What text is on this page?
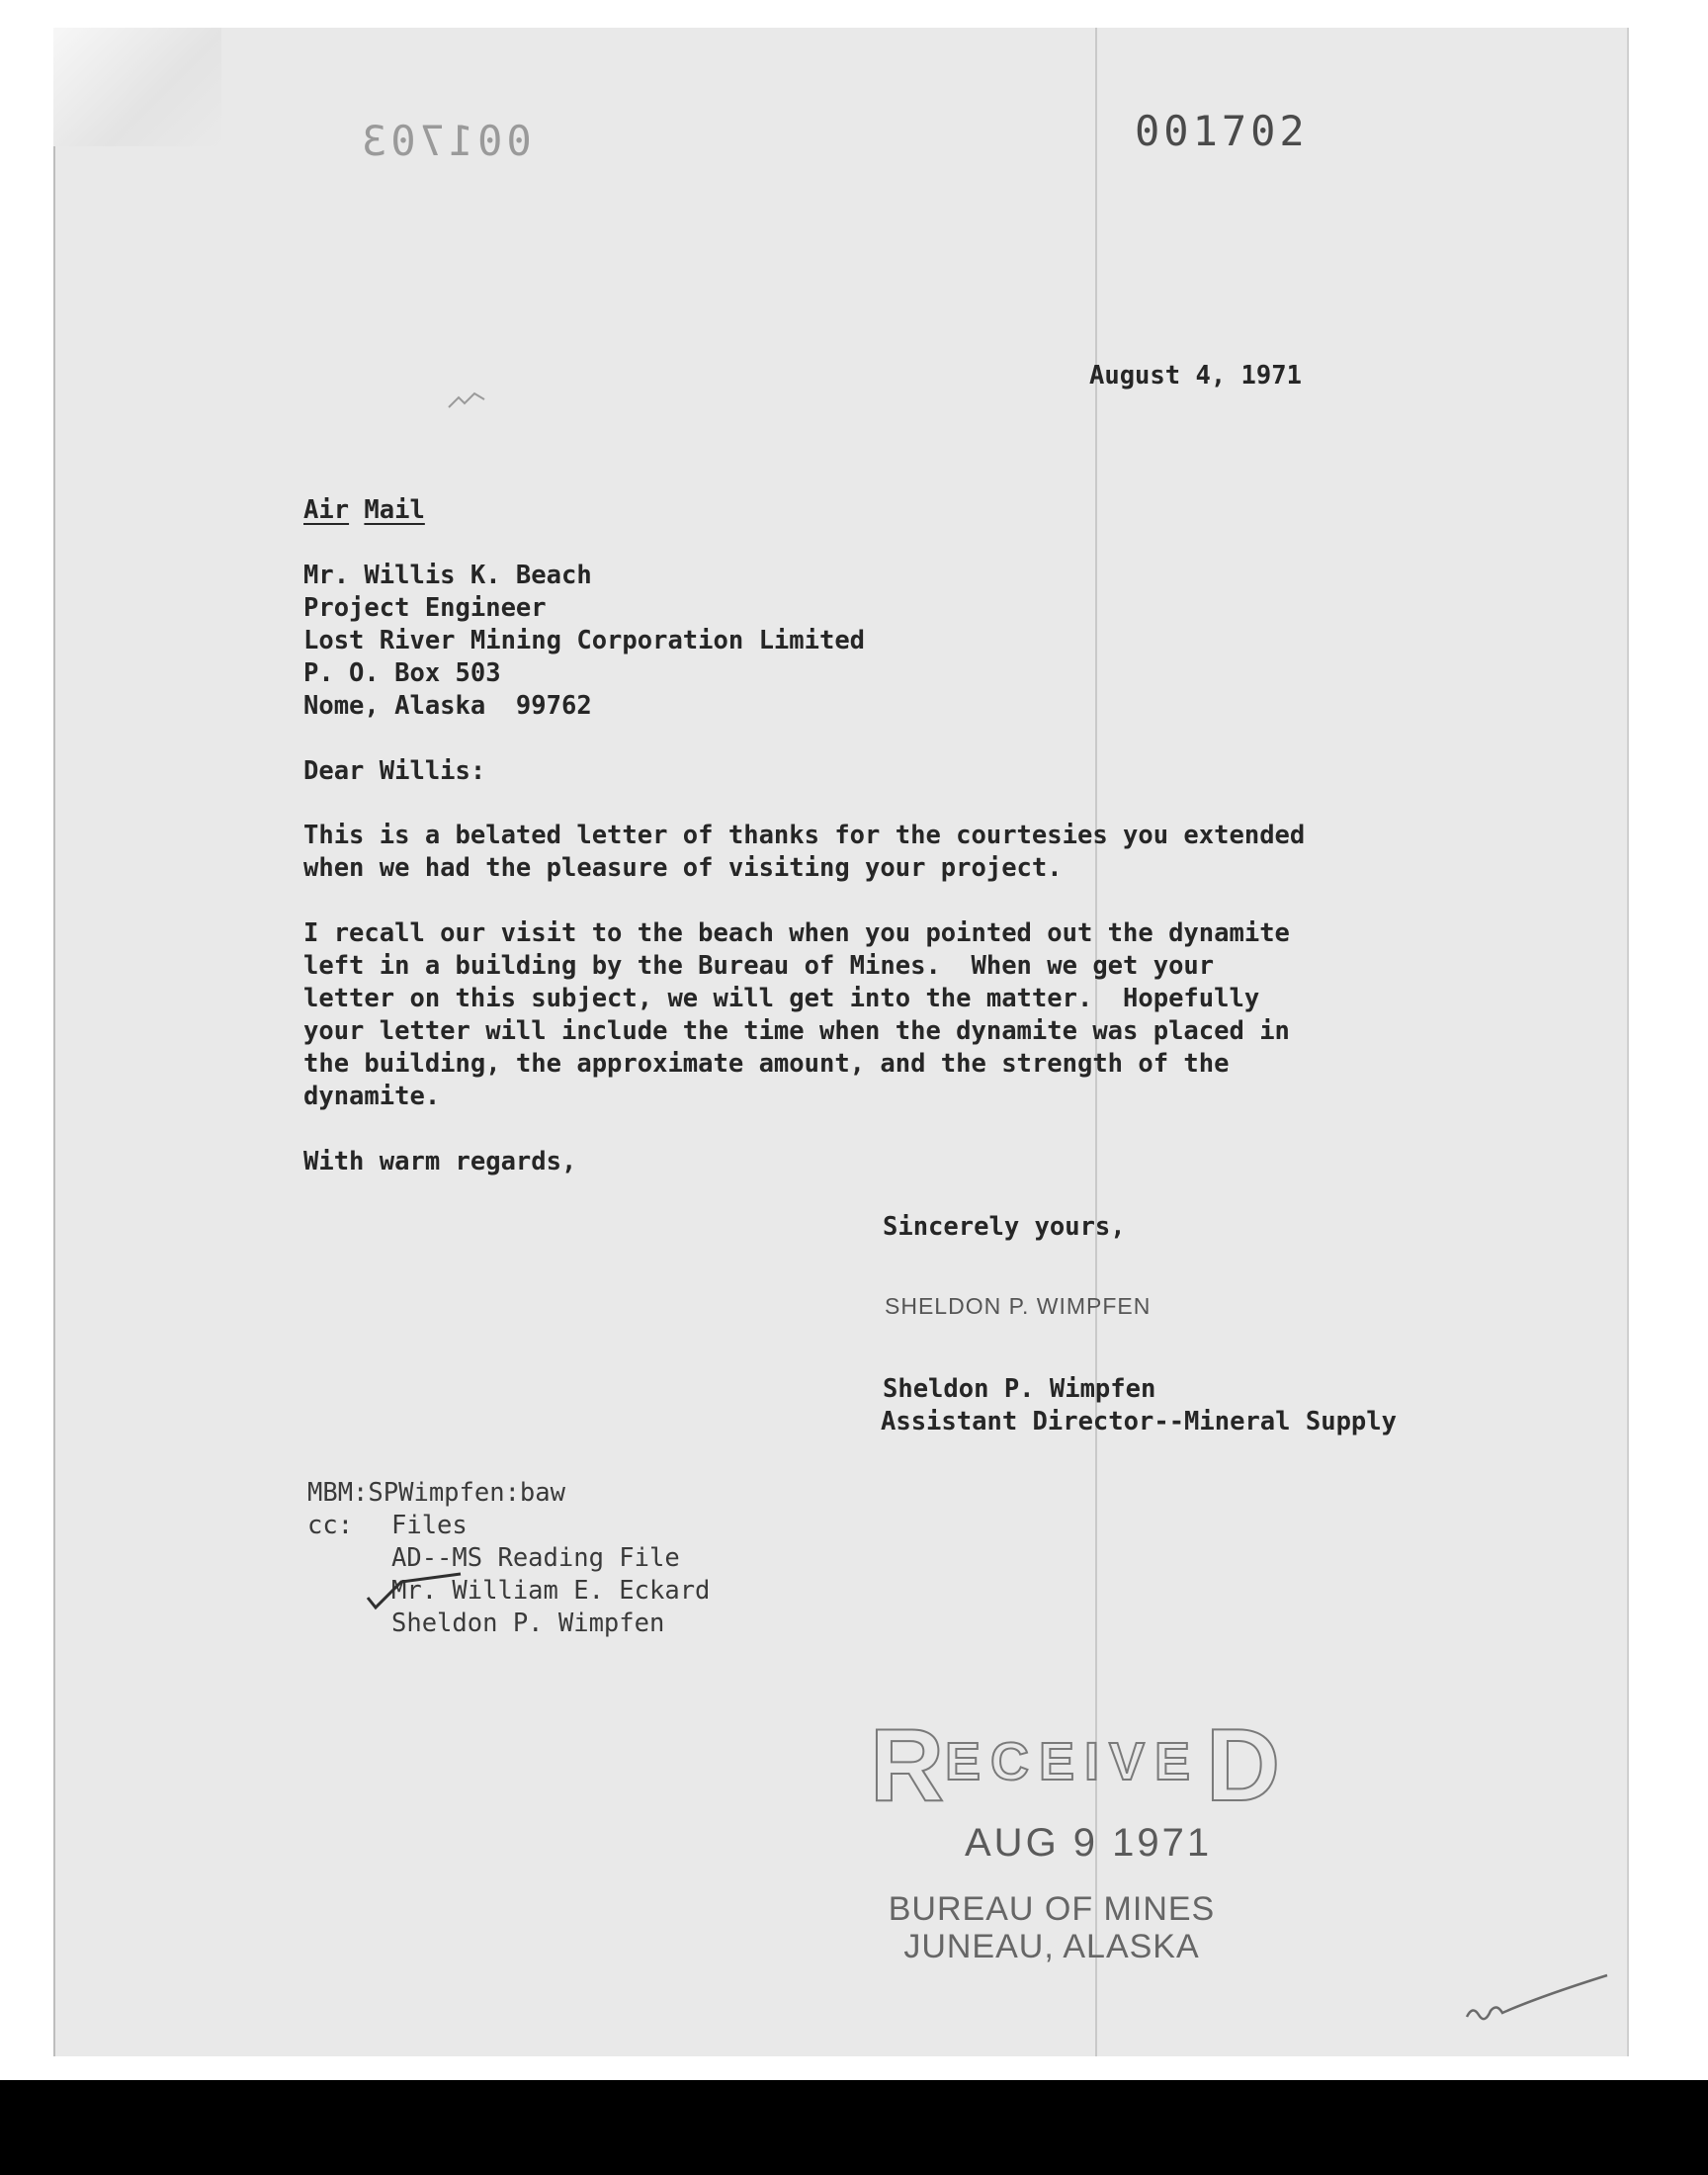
001703	001702
August 4, 1971
Air Mail
Mr. Willis K. Beach
Project Engineer
Lost River Mining Corporation Limited
P. O. Box 503
Nome, Alaska  99762
Dear Willis:
This is a belated letter of thanks for the courtesies you extended
when we had the pleasure of visiting your project.
I recall our visit to the beach when you pointed out the dynamite
left in a building by the Bureau of Mines.  When we get your
letter on this subject, we will get into the matter.  Hopefully
your letter will include the time when the dynamite was placed in
the building, the approximate amount, and the strength of the
dynamite.
With warm regards,
Sincerely yours,
SHELDON P. WIMPFEN
Sheldon P. Wimpfen
Assistant Director--Mineral Supply
MBM:SPWimpfen:baw
cc: Files
AD--MS Reading File
Mr. William E. Eckard
Sheldon P. Wimpfen
R
ECEIVE D
AUG 9 1971
BUREAU OF MINES
JUNEAU, ALASKA
